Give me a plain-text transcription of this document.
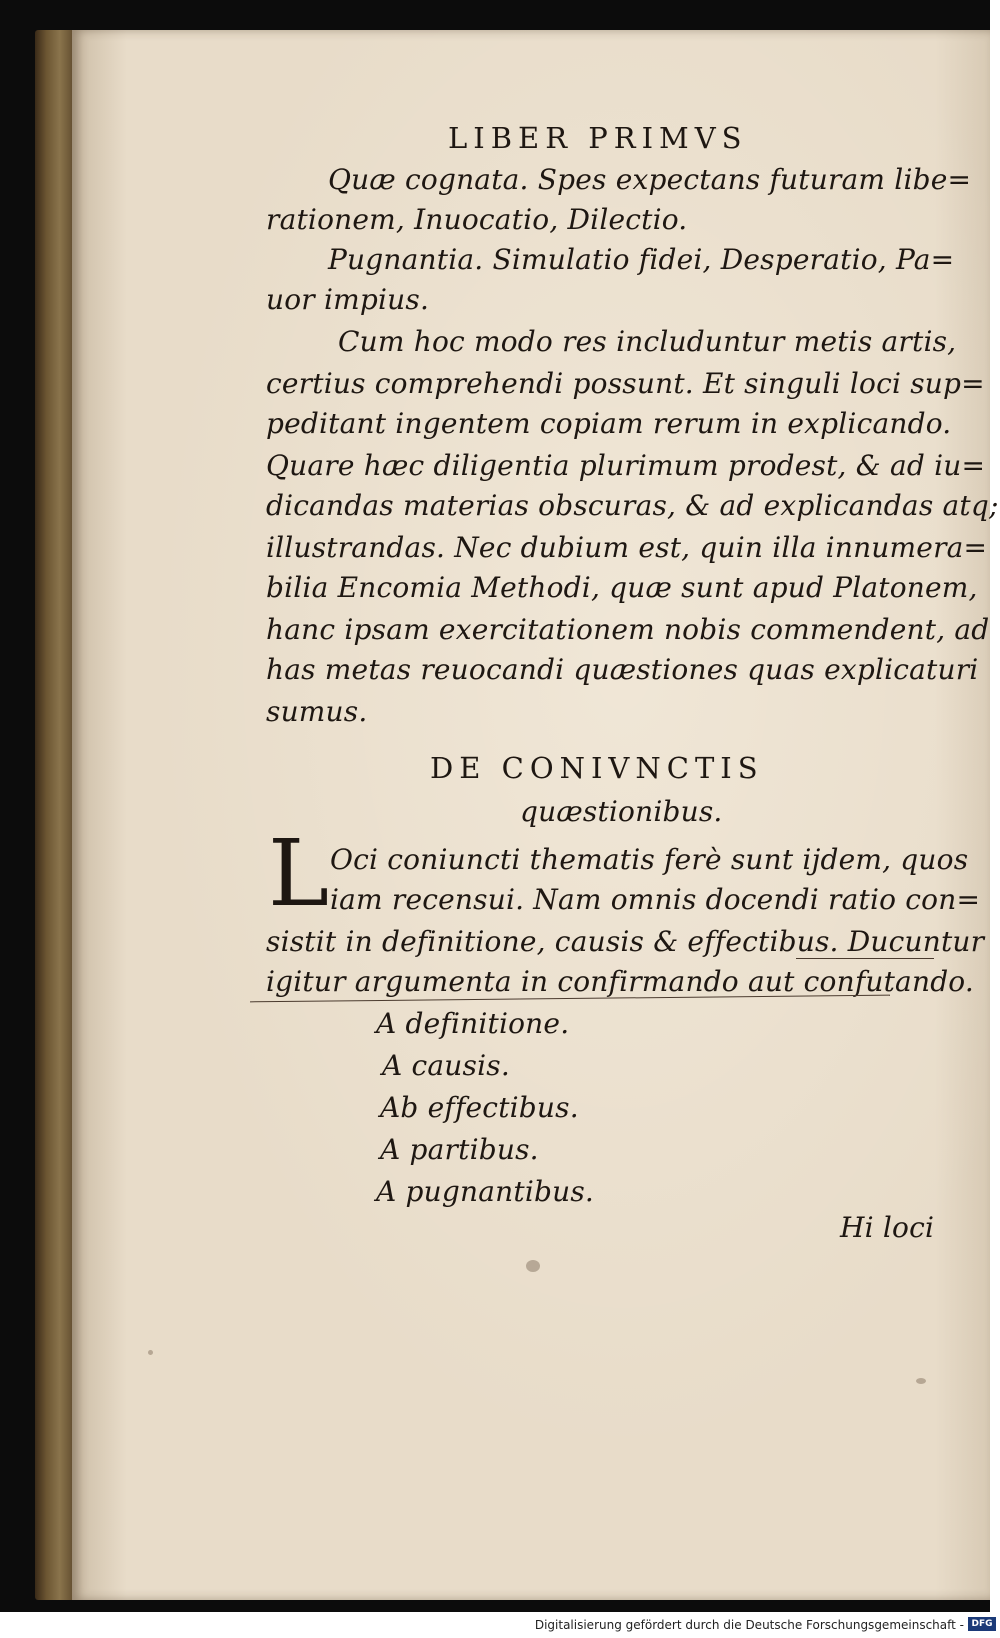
LIBER PRIMVS
Quæ cognata. Spes expectans futuram libe=
rationem, Inuocatio, Dilectio.
Pugnantia. Simulatio fidei, Desperatio, Pa=
uor impius.
Cum hoc modo res includuntur metis artis,
certius comprehendi possunt. Et singuli loci sup=
peditant ingentem copiam rerum in explicando.
Quare hæc diligentia plurimum prodest, & ad iu=
dicandas materias obscuras, & ad explicandas atq;
illustrandas. Nec dubium est, quin illa innumera=
bilia Encomia Methodi, quæ sunt apud Platonem,
hanc ipsam exercitationem nobis commendent, ad
has metas reuocandi quæstiones quas explicaturi
sumus.
DE CONIVNCTIS
quæstionibus.
L Oci coniuncti thematis ferè sunt ijdem, quos
iam recensui. Nam omnis docendi ratio con=
sistit in definitione, causis & effectibus. Ducuntur
igitur argumenta in confirmando aut confutando.
A definitione.
A causis.
Ab effectibus.
A partibus.
A pugnantibus.
Hi loci
Digitalisierung gefördert durch die Deutsche Forschungsgemeinschaft - DFG
